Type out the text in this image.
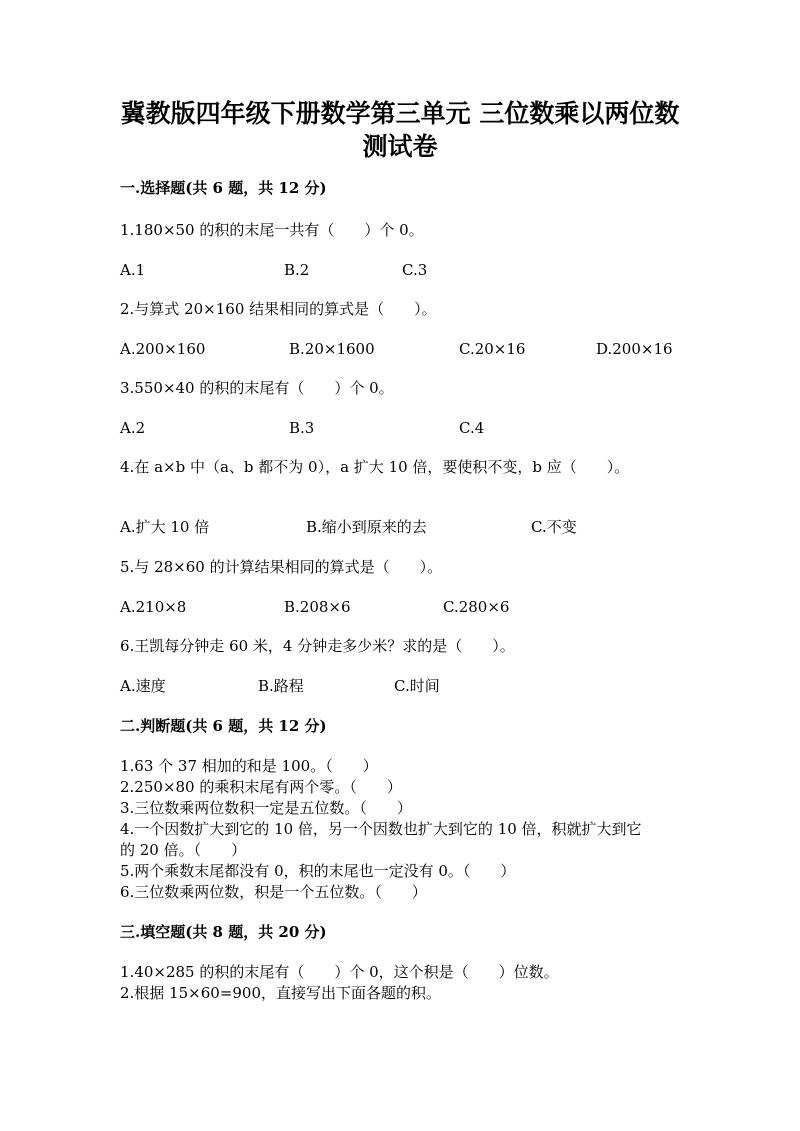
冀教版四年级下册数学第三单元 三位数乘以两位数
测试卷
一.选择题(共 6 题，共 12 分)
1.180×50 的积的末尾一共有（　　）个 0。
A.1	B.2	C.3
2.与算式 20×160 结果相同的算式是（　　）。
A.200×160	B.20×1600	C.20×16	D.200×16
3.550×40 的积的末尾有（　　）个 0。
A.2	B.3	C.4
4.在 a×b 中（a、b 都不为 0），a 扩大 10 倍，要使积不变，b 应（　　）。
A.扩大 10 倍	B.缩小到原来的去	C.不变
5.与 28×60 的计算结果相同的算式是（　　）。
A.210×8	B.208×6	C.280×6
6.王凯每分钟走 60 米，4 分钟走多少米？求的是（　　）。
A.速度	B.路程	C.时间
二.判断题(共 6 题，共 12 分)
1.63 个 37 相加的和是 100。（　　）
2.250×80 的乘积末尾有两个零。（　　）
3.三位数乘两位数积一定是五位数。（　　）
4.一个因数扩大到它的 10 倍，另一个因数也扩大到它的 10 倍，积就扩大到它
的 20 倍。（　　）
5.两个乘数末尾都没有 0，积的末尾也一定没有 0。（　　）
6.三位数乘两位数，积是一个五位数。（　　）
三.填空题(共 8 题，共 20 分)
1.40×285 的积的末尾有（　　）个 0，这个积是（　　）位数。
2.根据 15×60=900，直接写出下面各题的积。
